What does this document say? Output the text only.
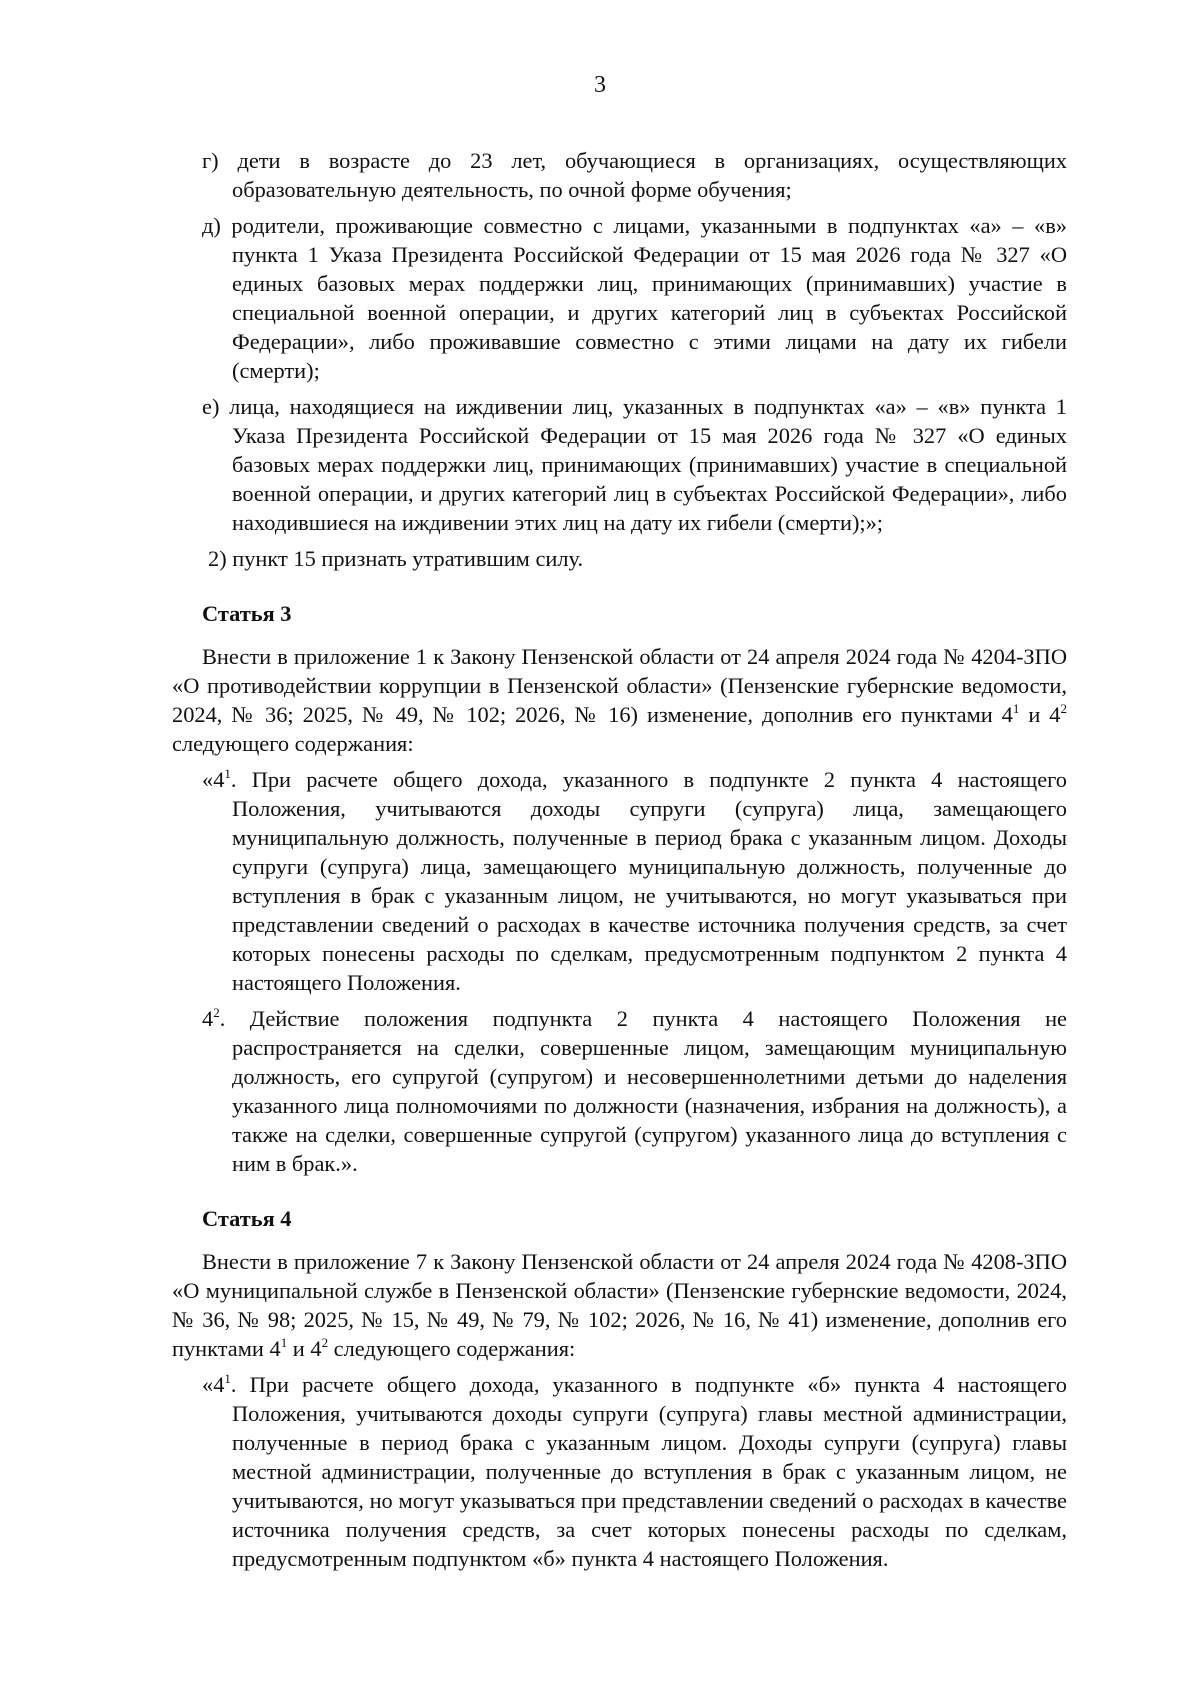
3

г) дети в возрасте до 23 лет, обучающиеся в организациях, осуществляющих образовательную деятельность, по очной форме обучения;

д) родители, проживающие совместно с лицами, указанными в подпунктах «а» – «в» пункта 1 Указа Президента Российской Федерации от 15 мая 2026 года № 327 «О единых базовых мерах поддержки лиц, принимающих (принимавших) участие в специальной военной операции, и других категорий лиц в субъектах Российской Федерации», либо проживавшие совместно с этими лицами на дату их гибели (смерти);

е) лица, находящиеся на иждивении лиц, указанных в подпунктах «а» – «в» пункта 1 Указа Президента Российской Федерации от 15 мая 2026 года № 327 «О единых базовых мерах поддержки лиц, принимающих (принимавших) участие в специальной военной операции, и других категорий лиц в субъектах Российской Федерации», либо находившиеся на иждивении этих лиц на дату их гибели (смерти);»;

2) пункт 15 признать утратившим силу.

Статья 3

Внести в приложение 1 к Закону Пензенской области от 24 апреля 2024 года № 4204-ЗПО «О противодействии коррупции в Пензенской области» (Пензенские губернские ведомости, 2024, № 36; 2025, № 49, № 102; 2026, № 16) изменение, дополнив его пунктами $4^1$ и $4^2$ следующего содержания:

«$4^1$. При расчете общего дохода, указанного в подпункте 2 пункта 4 настоящего Положения, учитываются доходы супруги (супруга) лица, замещающего муниципальную должность, полученные в период брака с указанным лицом. Доходы супруги (супруга) лица, замещающего муниципальную должность, полученные до вступления в брак с указанным лицом, не учитываются, но могут указываться при представлении сведений о расходах в качестве источника получения средств, за счет которых понесены расходы по сделкам, предусмотренным подпунктом 2 пункта 4 настоящего Положения.

$4^2$. Действие положения подпункта 2 пункта 4 настоящего Положения не распространяется на сделки, совершенные лицом, замещающим муниципальную должность, его супругой (супругом) и несовершеннолетними детьми до наделения указанного лица полномочиями по должности (назначения, избрания на должность), а также на сделки, совершенные супругой (супругом) указанного лица до вступления с ним в брак.».

Статья 4

Внести в приложение 7 к Закону Пензенской области от 24 апреля 2024 года № 4208-ЗПО «О муниципальной службе в Пензенской области» (Пензенские губернские ведомости, 2024, № 36, № 98; 2025, № 15, № 49, № 79, № 102; 2026, № 16, № 41) изменение, дополнив его пунктами $4^1$ и $4^2$ следующего содержания:

«$4^1$. При расчете общего дохода, указанного в подпункте «б» пункта 4 настоящего Положения, учитываются доходы супруги (супруга) главы местной администрации, полученные в период брака с указанным лицом. Доходы супруги (супруга) главы местной администрации, полученные до вступления в брак с указанным лицом, не учитываются, но могут указываться при представлении сведений о расходах в качестве источника получения средств, за счет которых понесены расходы по сделкам, предусмотренным подпунктом «б» пункта 4 настоящего Положения.
